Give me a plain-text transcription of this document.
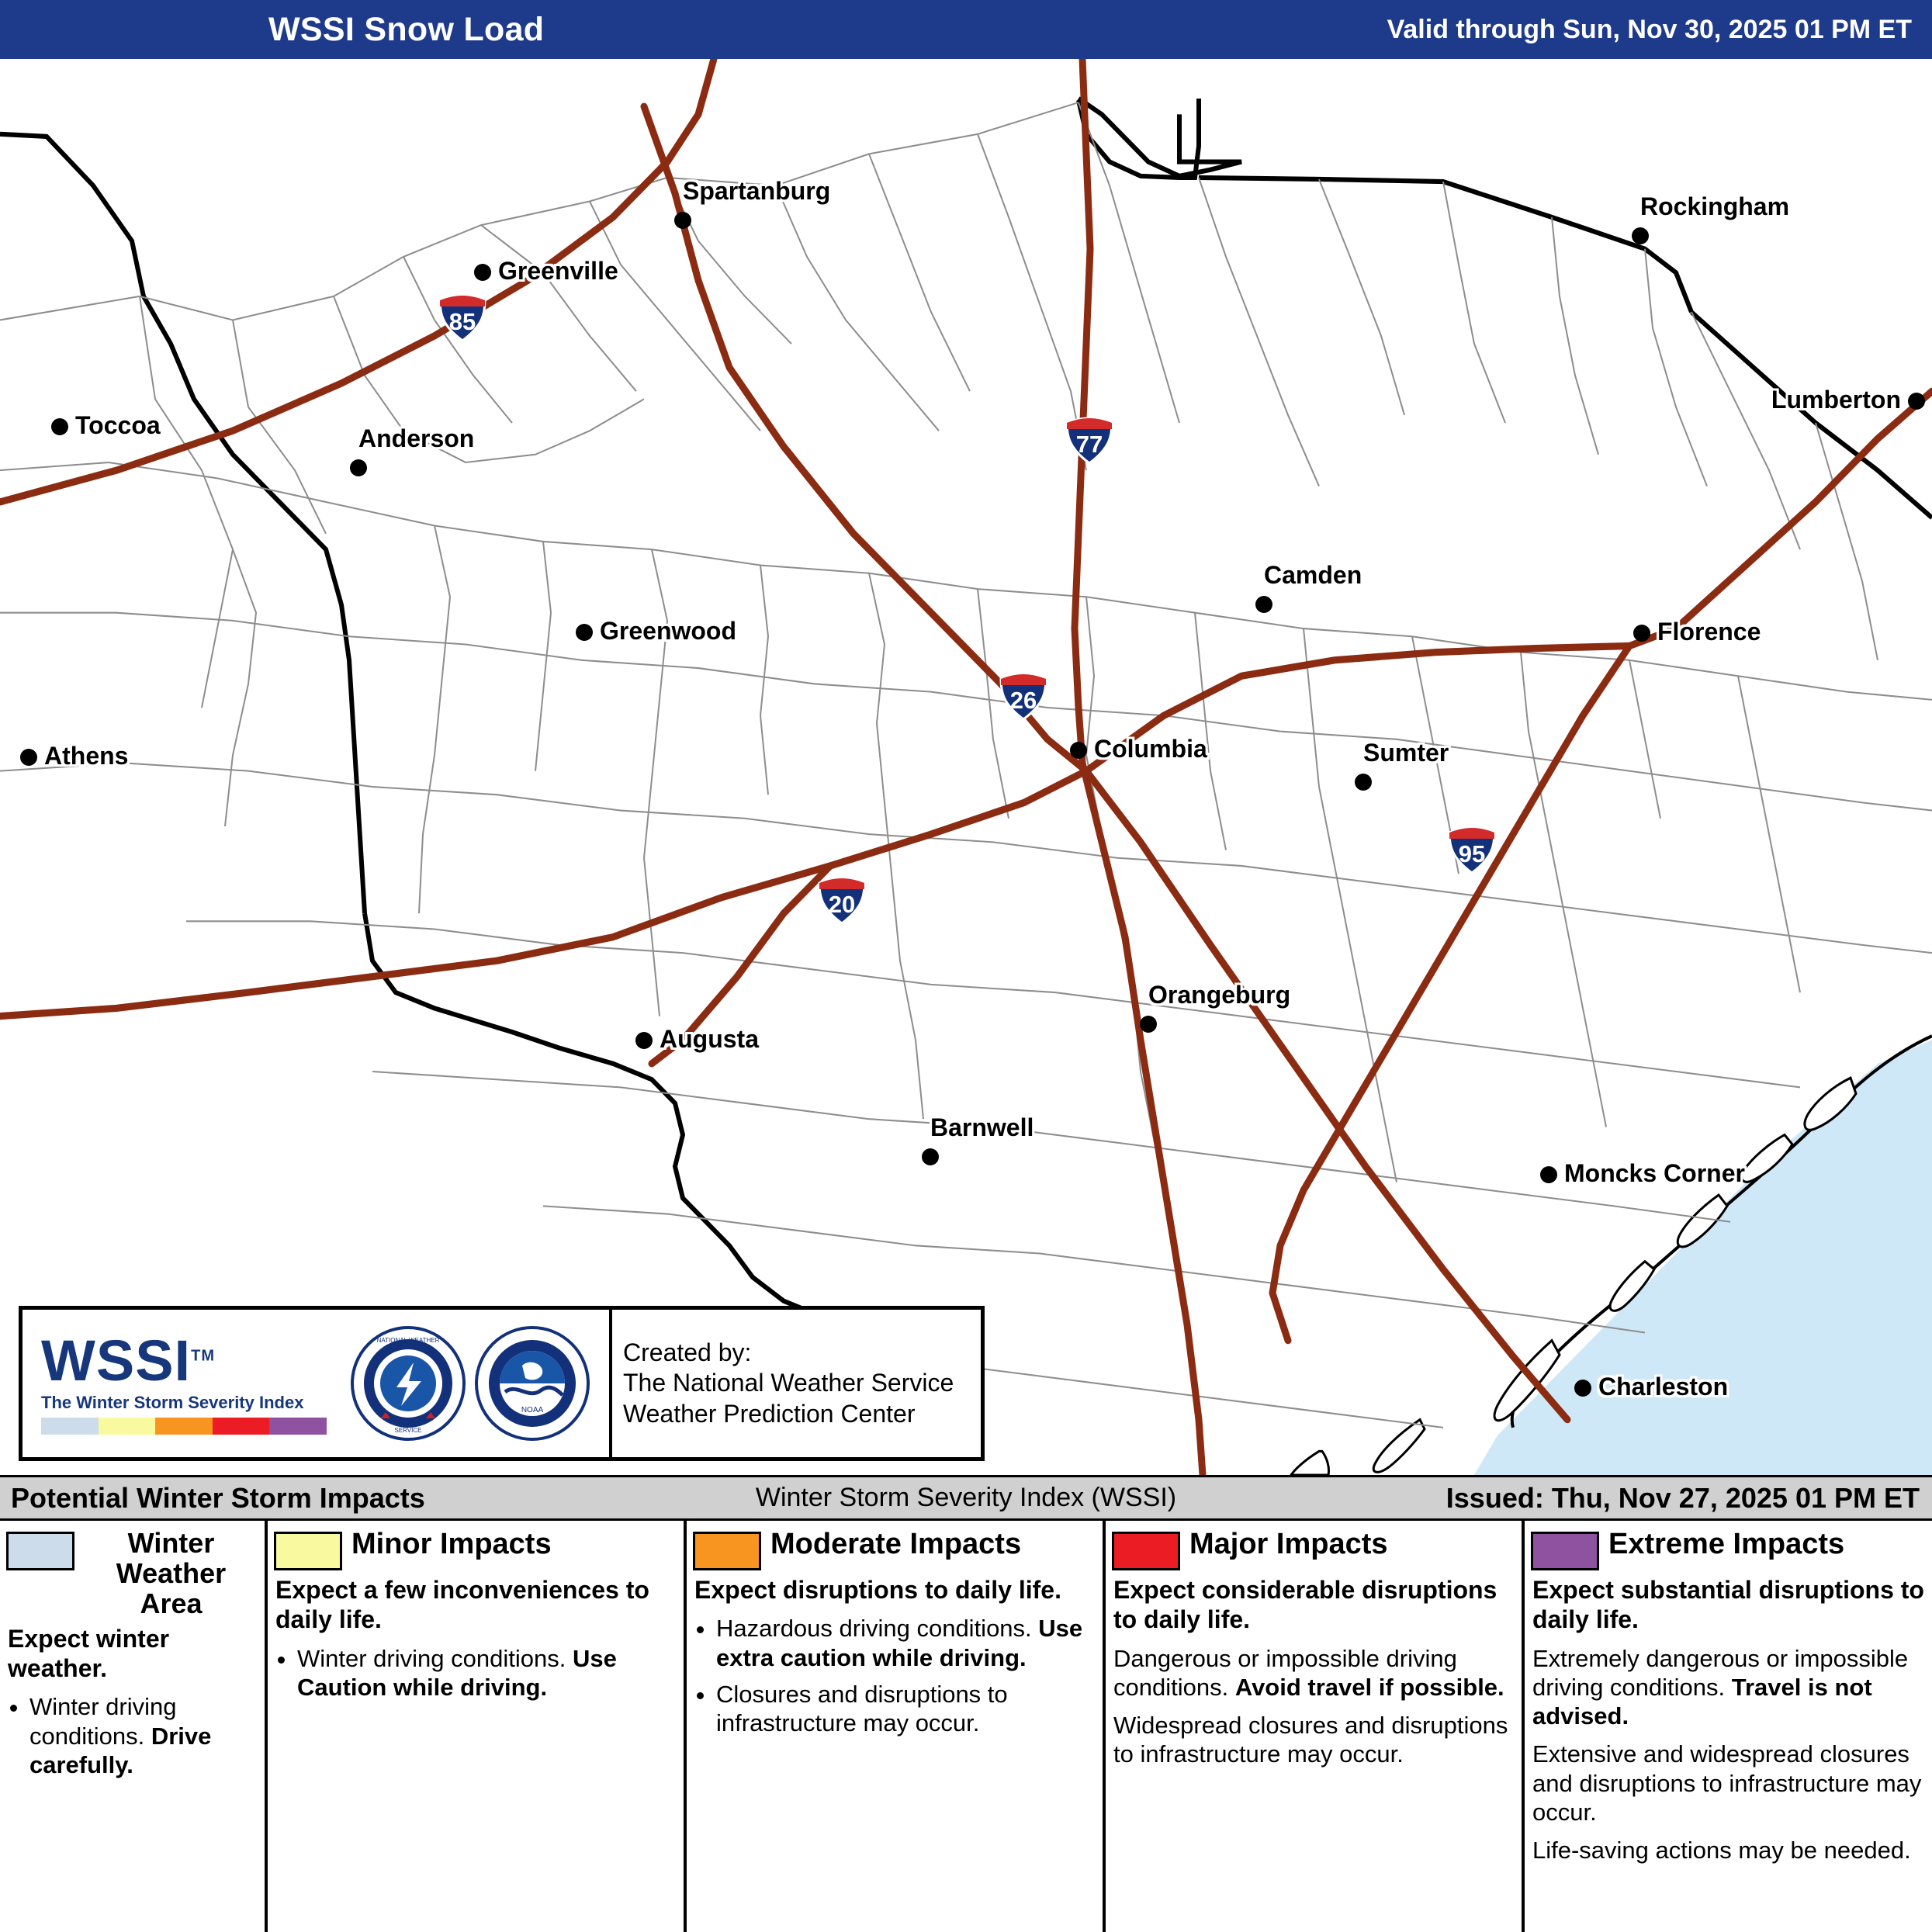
WSSI Snow Load	Valid through Sun, Nov 30, 2025 01 PM ET
Spartanburg
Greenville
Rockingham
Lumberton
Toccoa	Anderson
Camden
Greenwood	Florence
Athens	Columbia	Sumter
Orangeburg
Augusta
Barnwell
Moncks Corner
Charleston
85
77
26
95
20
WSSI™
The Winter Storm Severity Index
NATIONAL WEATHER
SERVICE
NOAA
Created by:
The National Weather Service
Weather Prediction Center
Potential Winter Storm Impacts	Winter Storm Severity Index (WSSI)	Issued: Thu, Nov 27, 2025 01 PM ET
Winter Weather Area

Expect winter weather.

• Winter driving conditions. Drive carefully.
Minor Impacts

Expect a few inconveniences to daily life.

• Winter driving conditions. Use Caution while driving.
Moderate Impacts

Expect disruptions to daily life.

• Hazardous driving conditions. Use extra caution while driving.
• Closures and disruptions to infrastructure may occur.
Major Impacts

Expect considerable disruptions to daily life.

Dangerous or impossible driving conditions. Avoid travel if possible.

Widespread closures and disruptions to infrastructure may occur.

Extreme Impacts

Expect substantial disruptions to daily life.

Extremely dangerous or impossible driving conditions. Travel is not advised.

Extensive and widespread closures and disruptions to infrastructure may occur.

Life-saving actions may be needed.
